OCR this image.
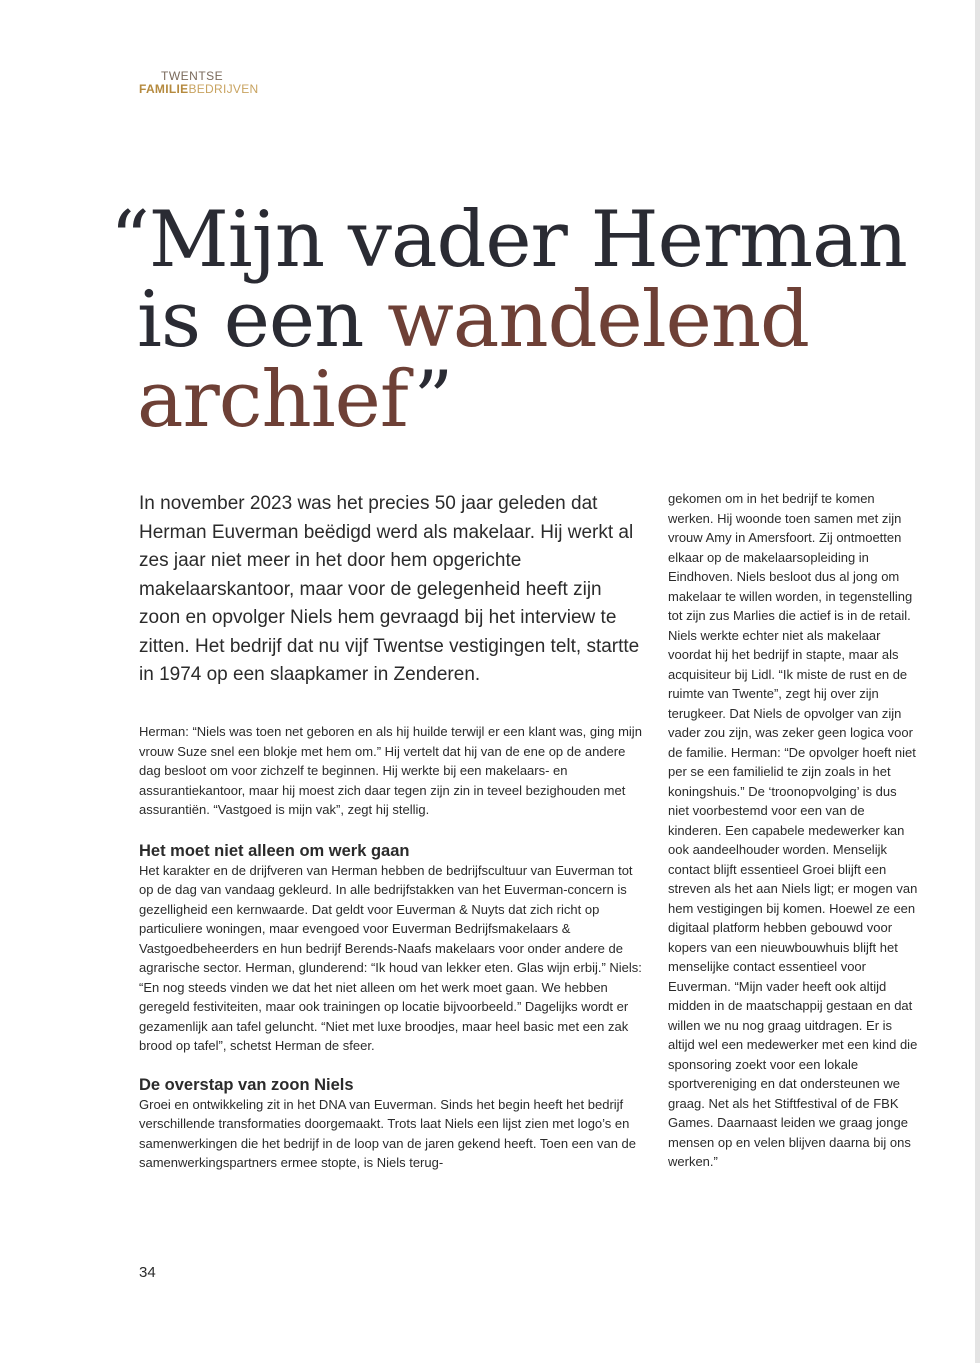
TWENTSE
FAMILIEBEDRIJVEN
“Mijn vader Herman
is een wandelend
archief”

In november 2023 was het precies 50 jaar geleden dat Herman Euverman beëdigd werd als makelaar. Hij werkt al zes jaar niet meer in het door hem opgerichte makelaarskantoor, maar voor de gelegenheid heeft zijn zoon en opvolger Niels hem gevraagd bij het interview te zitten. Het bedrijf dat nu vijf Twentse vestigingen telt, startte in 1974 op een slaapkamer in Zenderen.

Herman: “Niels was toen net geboren en als hij huilde terwijl er een klant was, ging mijn vrouw Suze snel een blokje met hem om.” Hij vertelt dat hij van de ene op de andere dag besloot om voor zichzelf te beginnen. Hij werkte bij een makelaars- en assurantiekantoor, maar hij moest zich daar tegen zijn zin in teveel bezighouden met assurantiën. “Vastgoed is mijn vak”, zegt hij stellig.

Het moet niet alleen om werk gaan

Het karakter en de drijfveren van Herman hebben de bedrijfscultuur van Euverman tot op de dag van vandaag gekleurd. In alle bedrijfstakken van het Euverman-concern is gezelligheid een kernwaarde. Dat geldt voor Euverman & Nuyts dat zich richt op particuliere woningen, maar evengoed voor Euverman Bedrijfsmakelaars & Vastgoedbeheerders en hun bedrijf Berends-Naafs makelaars voor onder andere de agrarische sector. Herman, glunderend: “Ik houd van lekker eten. Glas wijn erbij.” Niels: “En nog steeds vinden we dat het niet alleen om het werk moet gaan. We hebben geregeld festiviteiten, maar ook trainingen op locatie bijvoorbeeld.” Dagelijks wordt er gezamenlijk aan tafel geluncht. “Niet met luxe broodjes, maar heel basic met een zak brood op tafel”, schetst Herman de sfeer.

De overstap van zoon Niels

Groei en ontwikkeling zit in het DNA van Euverman. Sinds het begin heeft het bedrijf verschillende transformaties doorgemaakt. Trots laat Niels een lijst zien met logo’s en samenwerkingen die het bedrijf in de loop van de jaren gekend heeft. Toen een van de samenwerkingspartners ermee stopte, is Niels terug-

gekomen om in het bedrijf te komen werken. Hij woonde toen samen met zijn vrouw Amy in Amersfoort. Zij ontmoetten elkaar op de makelaarsopleiding in Eindhoven. Niels besloot dus al jong om makelaar te willen worden, in tegenstelling tot zijn zus Marlies die actief is in de retail. Niels werkte echter niet als makelaar voordat hij het bedrijf in stapte, maar als acquisiteur bij Lidl. “Ik miste de rust en de ruimte van Twente”, zegt hij over zijn terugkeer. Dat Niels de opvolger van zijn vader zou zijn, was zeker geen logica voor de familie. Herman: “De opvolger hoeft niet per se een familielid te zijn zoals in het koningshuis.” De ‘troonopvolging’ is dus niet voorbestemd voor een van de kinderen. Een capabele medewerker kan ook aandeelhouder worden. Menselijk contact blijft essentieel Groei blijft een streven als het aan Niels ligt; er mogen van hem vestigingen bij komen. Hoewel ze een digitaal platform hebben gebouwd voor kopers van een nieuwbouwhuis blijft het menselijke contact essentieel voor Euverman. “Mijn vader heeft ook altijd midden in de maatschappij gestaan en dat willen we nu nog graag uitdragen. Er is altijd wel een medewerker met een kind die sponsoring zoekt voor een lokale sportvereniging en dat ondersteunen we graag. Net als het Stiftfestival of de FBK Games. Daarnaast leiden we graag jonge mensen op en velen blijven daarna bij ons werken.”

34
